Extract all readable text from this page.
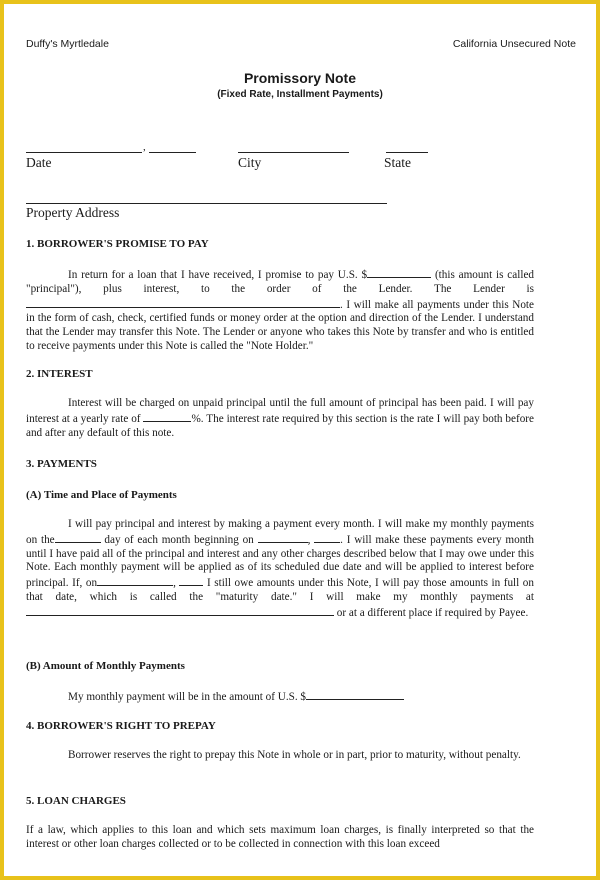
Duffy's Myrtledale	California Unsecured Note
Promissory Note
(Fixed Rate, Installment Payments)
,
Date	City	State
Property Address
1. BORROWER'S PROMISE TO PAY
In return for a loan that I have received, I promise to pay U.S. $	(this amount is called "principal"), plus interest, to the order of the Lender. The Lender is . I will make all payments under this Note in the form of cash, check, certified funds or money order at the option and direction of the Lender. I understand that the Lender may transfer this Note. The Lender or anyone who takes this Note by transfer and who is entitled to receive payments under this Note is called the "Note Holder."
2. INTEREST
Interest will be charged on unpaid principal until the full amount of principal has been paid. I will pay interest at a yearly rate of	%. The interest rate required by this section is the rate I will pay both before and after any default of this note.
3. PAYMENTS
(A) Time and Place of Payments
I will pay principal and interest by making a payment every month. I will make my monthly payments on the	day of each month beginning on	, . I will make these payments every month until I have paid all of the principal and interest and any other charges described below that I may owe under this Note. Each monthly payment will be applied as of its scheduled due date and will be applied to interest before principal. If, on	,  I still owe amounts under this Note, I will pay those amounts in full on that date, which is called the "maturity date." I will make my monthly payments at  or at a different place if required by Payee.
(B) Amount of Monthly Payments
My monthly payment will be in the amount of U.S. $
4. BORROWER'S RIGHT TO PREPAY
Borrower reserves the right to prepay this Note in whole or in part, prior to maturity, without penalty.
5. LOAN CHARGES
If a law, which applies to this loan and which sets maximum loan charges, is finally interpreted so that the interest or other loan charges collected or to be collected in connection with this loan exceed
